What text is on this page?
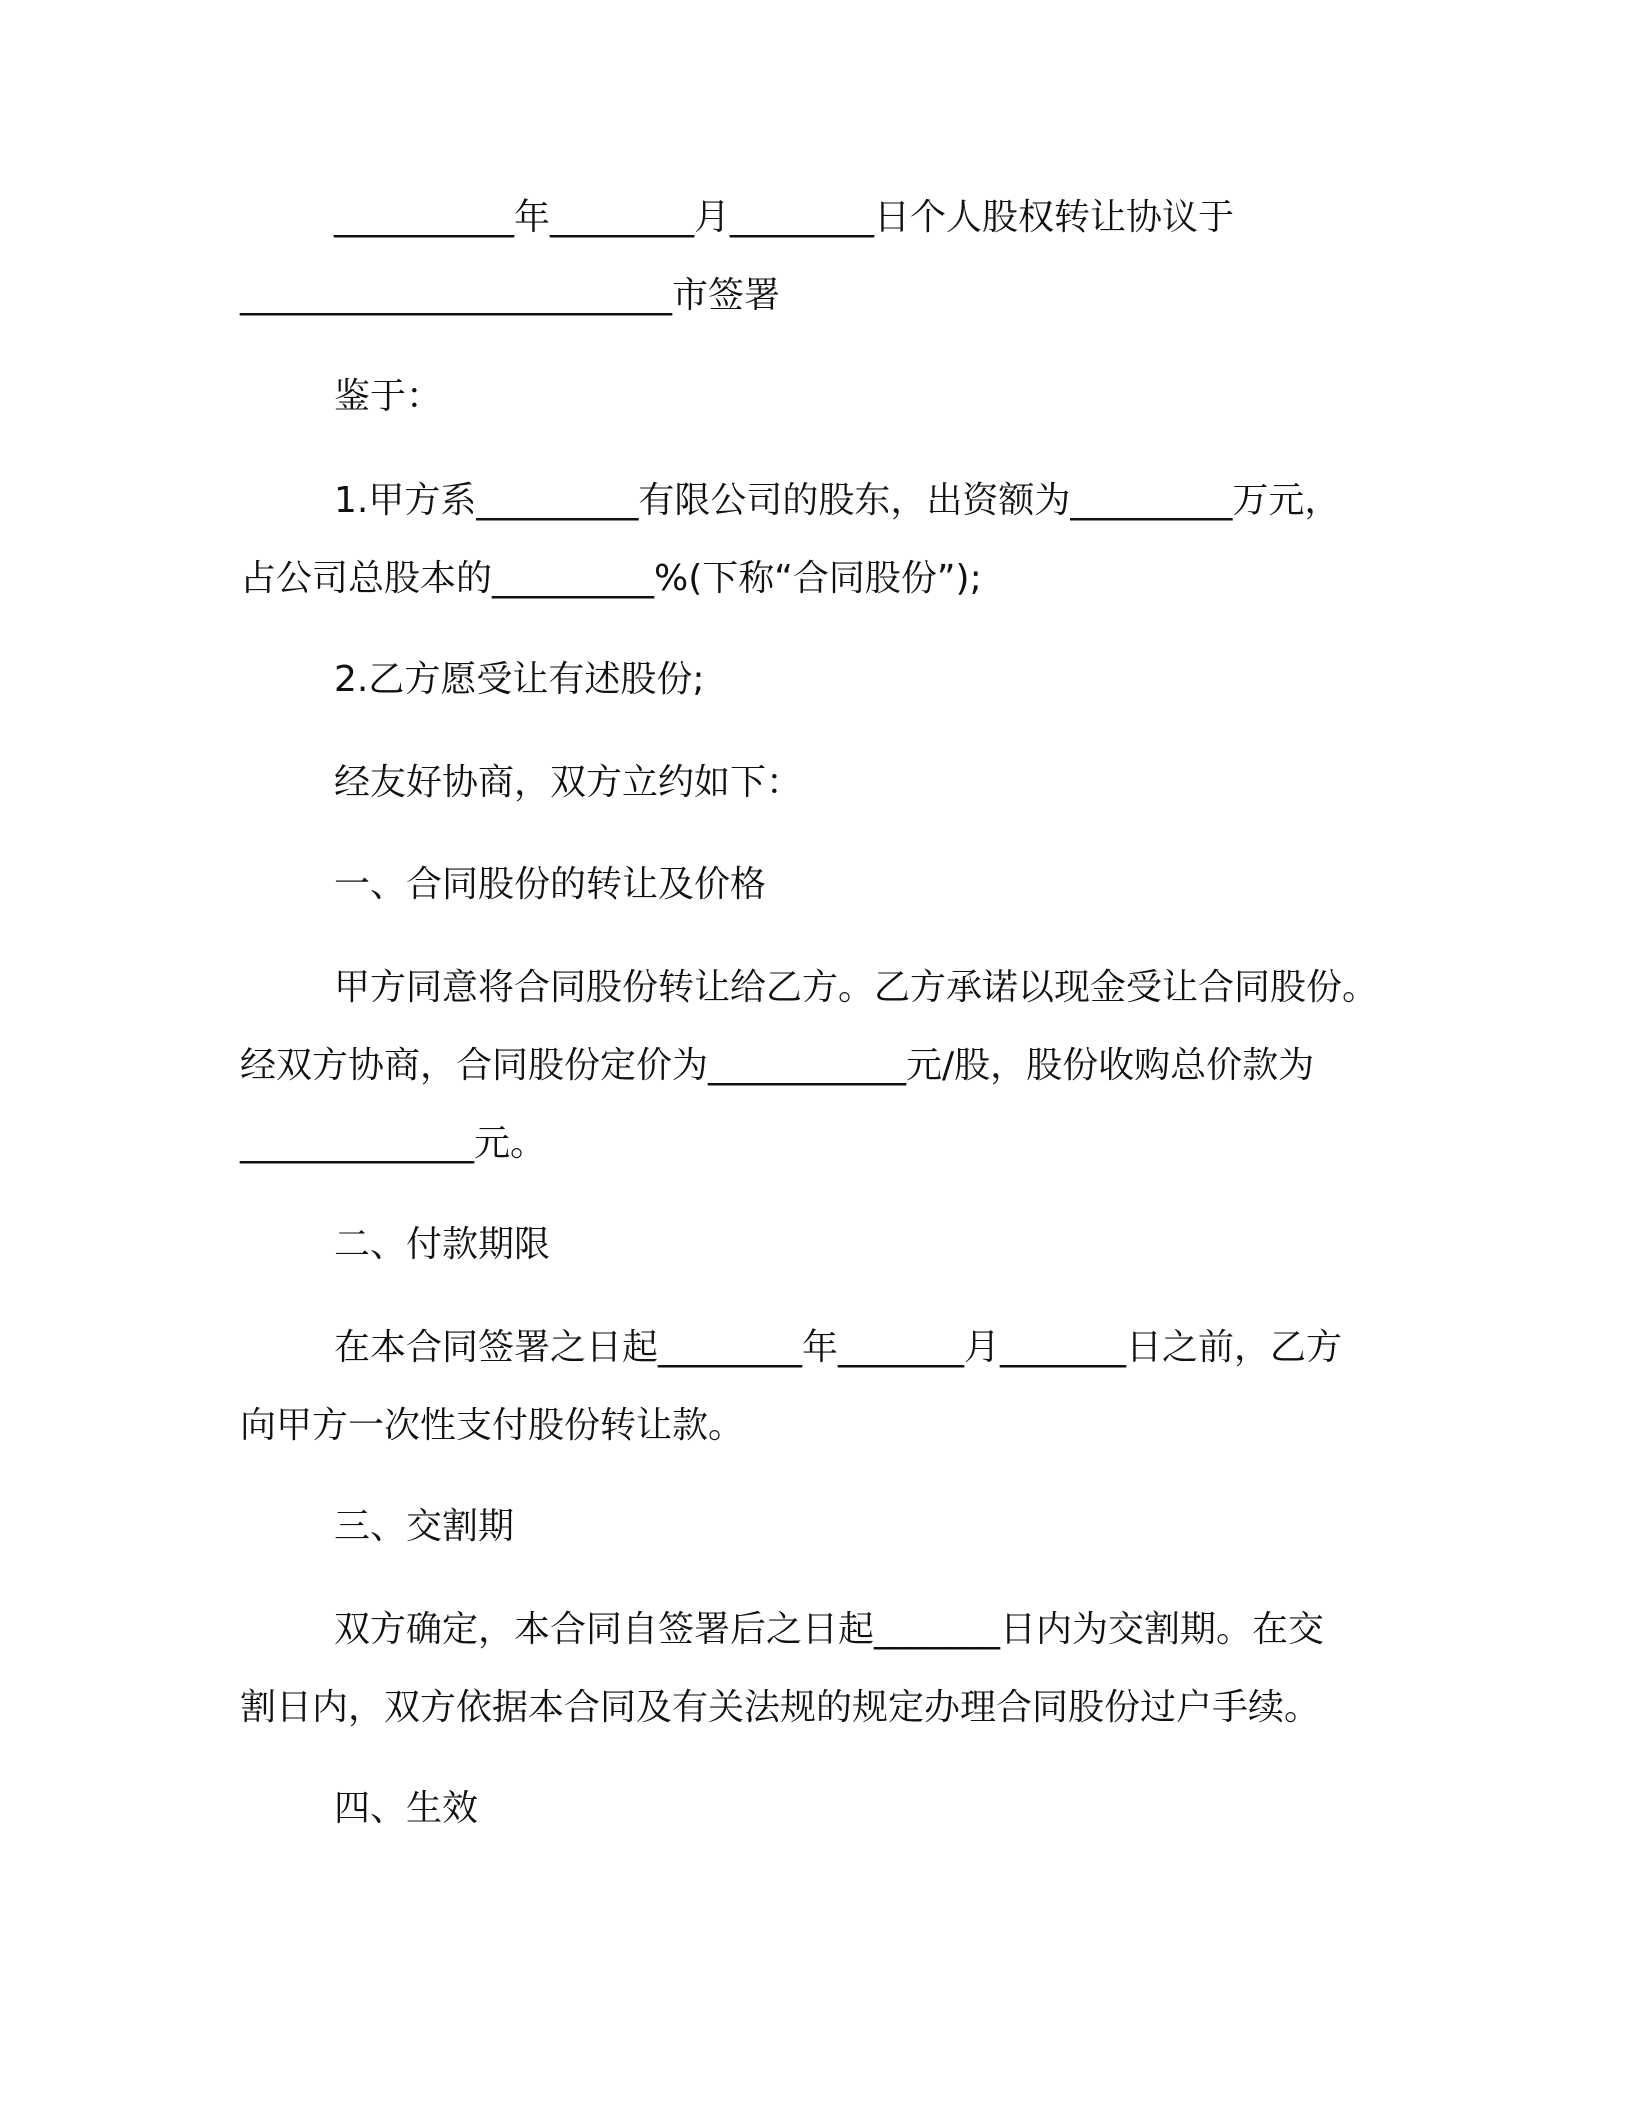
__________年________月________日个人股权转让协议于
________________________市签署
鉴于：
1.甲方系_________有限公司的股东，出资额为_________万元，
占公司总股本的_________%(下称“合同股份”);
2.乙方愿受让有述股份;
经友好协商，双方立约如下：
一、合同股份的转让及价格
甲方同意将合同股份转让给乙方。乙方承诺以现金受让合同股份。
经双方协商，合同股份定价为___________元/股，股份收购总价款为
_____________元。
二、付款期限
在本合同签署之日起________年_______月_______日之前，乙方
向甲方一次性支付股份转让款。
三、交割期
双方确定，本合同自签署后之日起_______日内为交割期。在交
割日内，双方依据本合同及有关法规的规定办理合同股份过户手续。
四、生效
